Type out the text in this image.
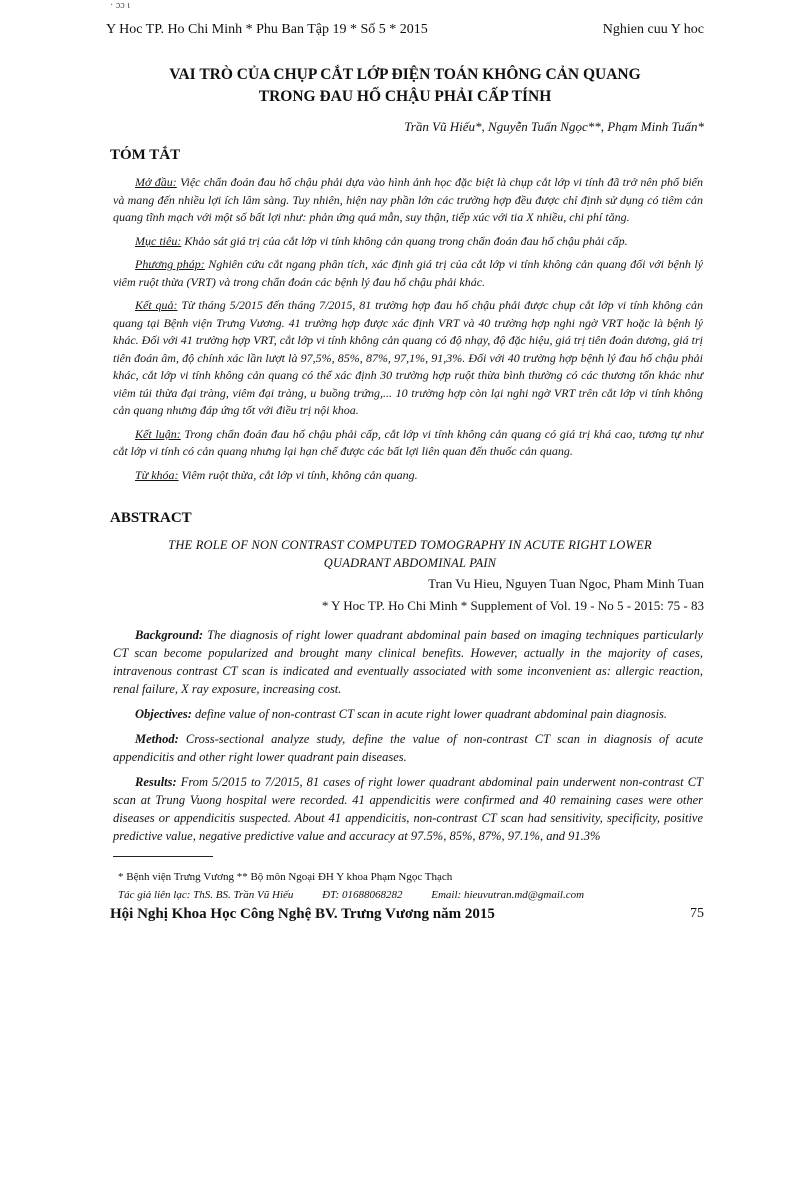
· ɔɔ ɩ
Y Hoc TP. Ho Chi Minh * Phu Ban Tập 19 * Số 5 * 2015	Nghien cuu Y hoc
VAI TRÒ CỦA CHỤP CẮT LỚP ĐIỆN TOÁN KHÔNG CẢN QUANG
TRONG ĐAU HỐ CHẬU PHẢI CẤP TÍNH
Trần Vũ Hiếu*, Nguyễn Tuấn Ngọc**, Phạm Minh Tuấn*
TÓM TẮT

Mở đầu: Việc chẩn đoán đau hố chậu phải dựa vào hình ảnh học đặc biệt là chụp cắt lớp vi tính đã trở nên phổ biến và mang đến nhiều lợi ích lâm sàng. Tuy nhiên, hiện nay phần lớn các trường hợp đều được chỉ định sử dụng có tiêm cản quang tĩnh mạch với một số bất lợi như: phản ứng quá mẫn, suy thận, tiếp xúc với tia X nhiều, chi phí tăng.

Mục tiêu: Khảo sát giá trị của cắt lớp vi tính không cản quang trong chẩn đoán đau hố chậu phải cấp.

Phương pháp: Nghiên cứu cắt ngang phân tích, xác định giá trị của cắt lớp vi tính không cản quang đối với bệnh lý viêm ruột thừa (VRT) và trong chẩn đoán các bệnh lý đau hố chậu phải khác.

Kết quả: Từ tháng 5/2015 đến tháng 7/2015, 81 trường hợp đau hố chậu phải được chụp cắt lớp vi tính không cản quang tại Bệnh viện Trưng Vương. 41 trường hợp được xác định VRT và 40 trường hợp nghi ngờ VRT hoặc là bệnh lý khác. Đối với 41 trường hợp VRT, cắt lớp vi tính không cản quang có độ nhạy, độ đặc hiệu, giá trị tiên đoán dương, giá trị tiên đoán âm, độ chính xác lần lượt là 97,5%, 85%, 87%, 97,1%, 91,3%. Đối với 40 trường hợp bệnh lý đau hố chậu phải khác, cắt lớp vi tính không cản quang có thể xác định 30 trường hợp ruột thừa bình thường có các thương tổn khác như viêm túi thừa đại tràng, viêm đại tràng, u buồng trứng,... 10 trường hợp còn lại nghi ngờ VRT trên cắt lớp vi tính không cản quang nhưng đáp ứng tốt với điều trị nội khoa.

Kết luận: Trong chẩn đoán đau hố chậu phải cấp, cắt lớp vi tính không cản quang có giá trị khá cao, tương tự như cắt lớp vi tính có cản quang nhưng lại hạn chế được các bất lợi liên quan đến thuốc cản quang.

Từ khóa: Viêm ruột thừa, cắt lớp vi tính, không cản quang.

ABSTRACT
THE ROLE OF NON CONTRAST COMPUTED TOMOGRAPHY IN ACUTE RIGHT LOWER
QUADRANT ABDOMINAL PAIN
Tran Vu Hieu, Nguyen Tuan Ngoc, Pham Minh Tuan
* Y Hoc TP. Ho Chi Minh * Supplement of Vol. 19 - No 5 - 2015: 75 - 83

Background: The diagnosis of right lower quadrant abdominal pain based on imaging techniques particularly CT scan become popularized and brought many clinical benefits. However, actually in the majority of cases, intravenous contrast CT scan is indicated and eventually associated with some inconvenient as: allergic reaction, renal failure, X ray exposure, increasing cost.

Objectives: define value of non-contrast CT scan in acute right lower quadrant abdominal pain diagnosis.

Method: Cross-sectional analyze study, define the value of non-contrast CT scan in diagnosis of acute appendicitis and other right lower quadrant pain diseases.

Results: From 5/2015 to 7/2015, 81 cases of right lower quadrant abdominal pain underwent non-contrast CT scan at Trung Vuong hospital were recorded. 41 appendicitis were confirmed and 40 remaining cases were other diseases or appendicitis suspected. About 41 appendicitis, non-contrast CT scan had sensitivity, specificity, positive predictive value, negative predictive value and accuracy at 97.5%, 85%, 87%, 97.1%, and 91.3%

* Bệnh viện Trưng Vương ** Bộ môn Ngoại ĐH Y khoa Phạm Ngọc Thạch
Tác giả liên lạc: ThS. BS. Trần Vũ Hiếu	ĐT: 01688068282	Email: hieuvutran.md@gmail.com
Hội Nghị Khoa Học Công Nghệ BV. Trưng Vương năm 2015	75
